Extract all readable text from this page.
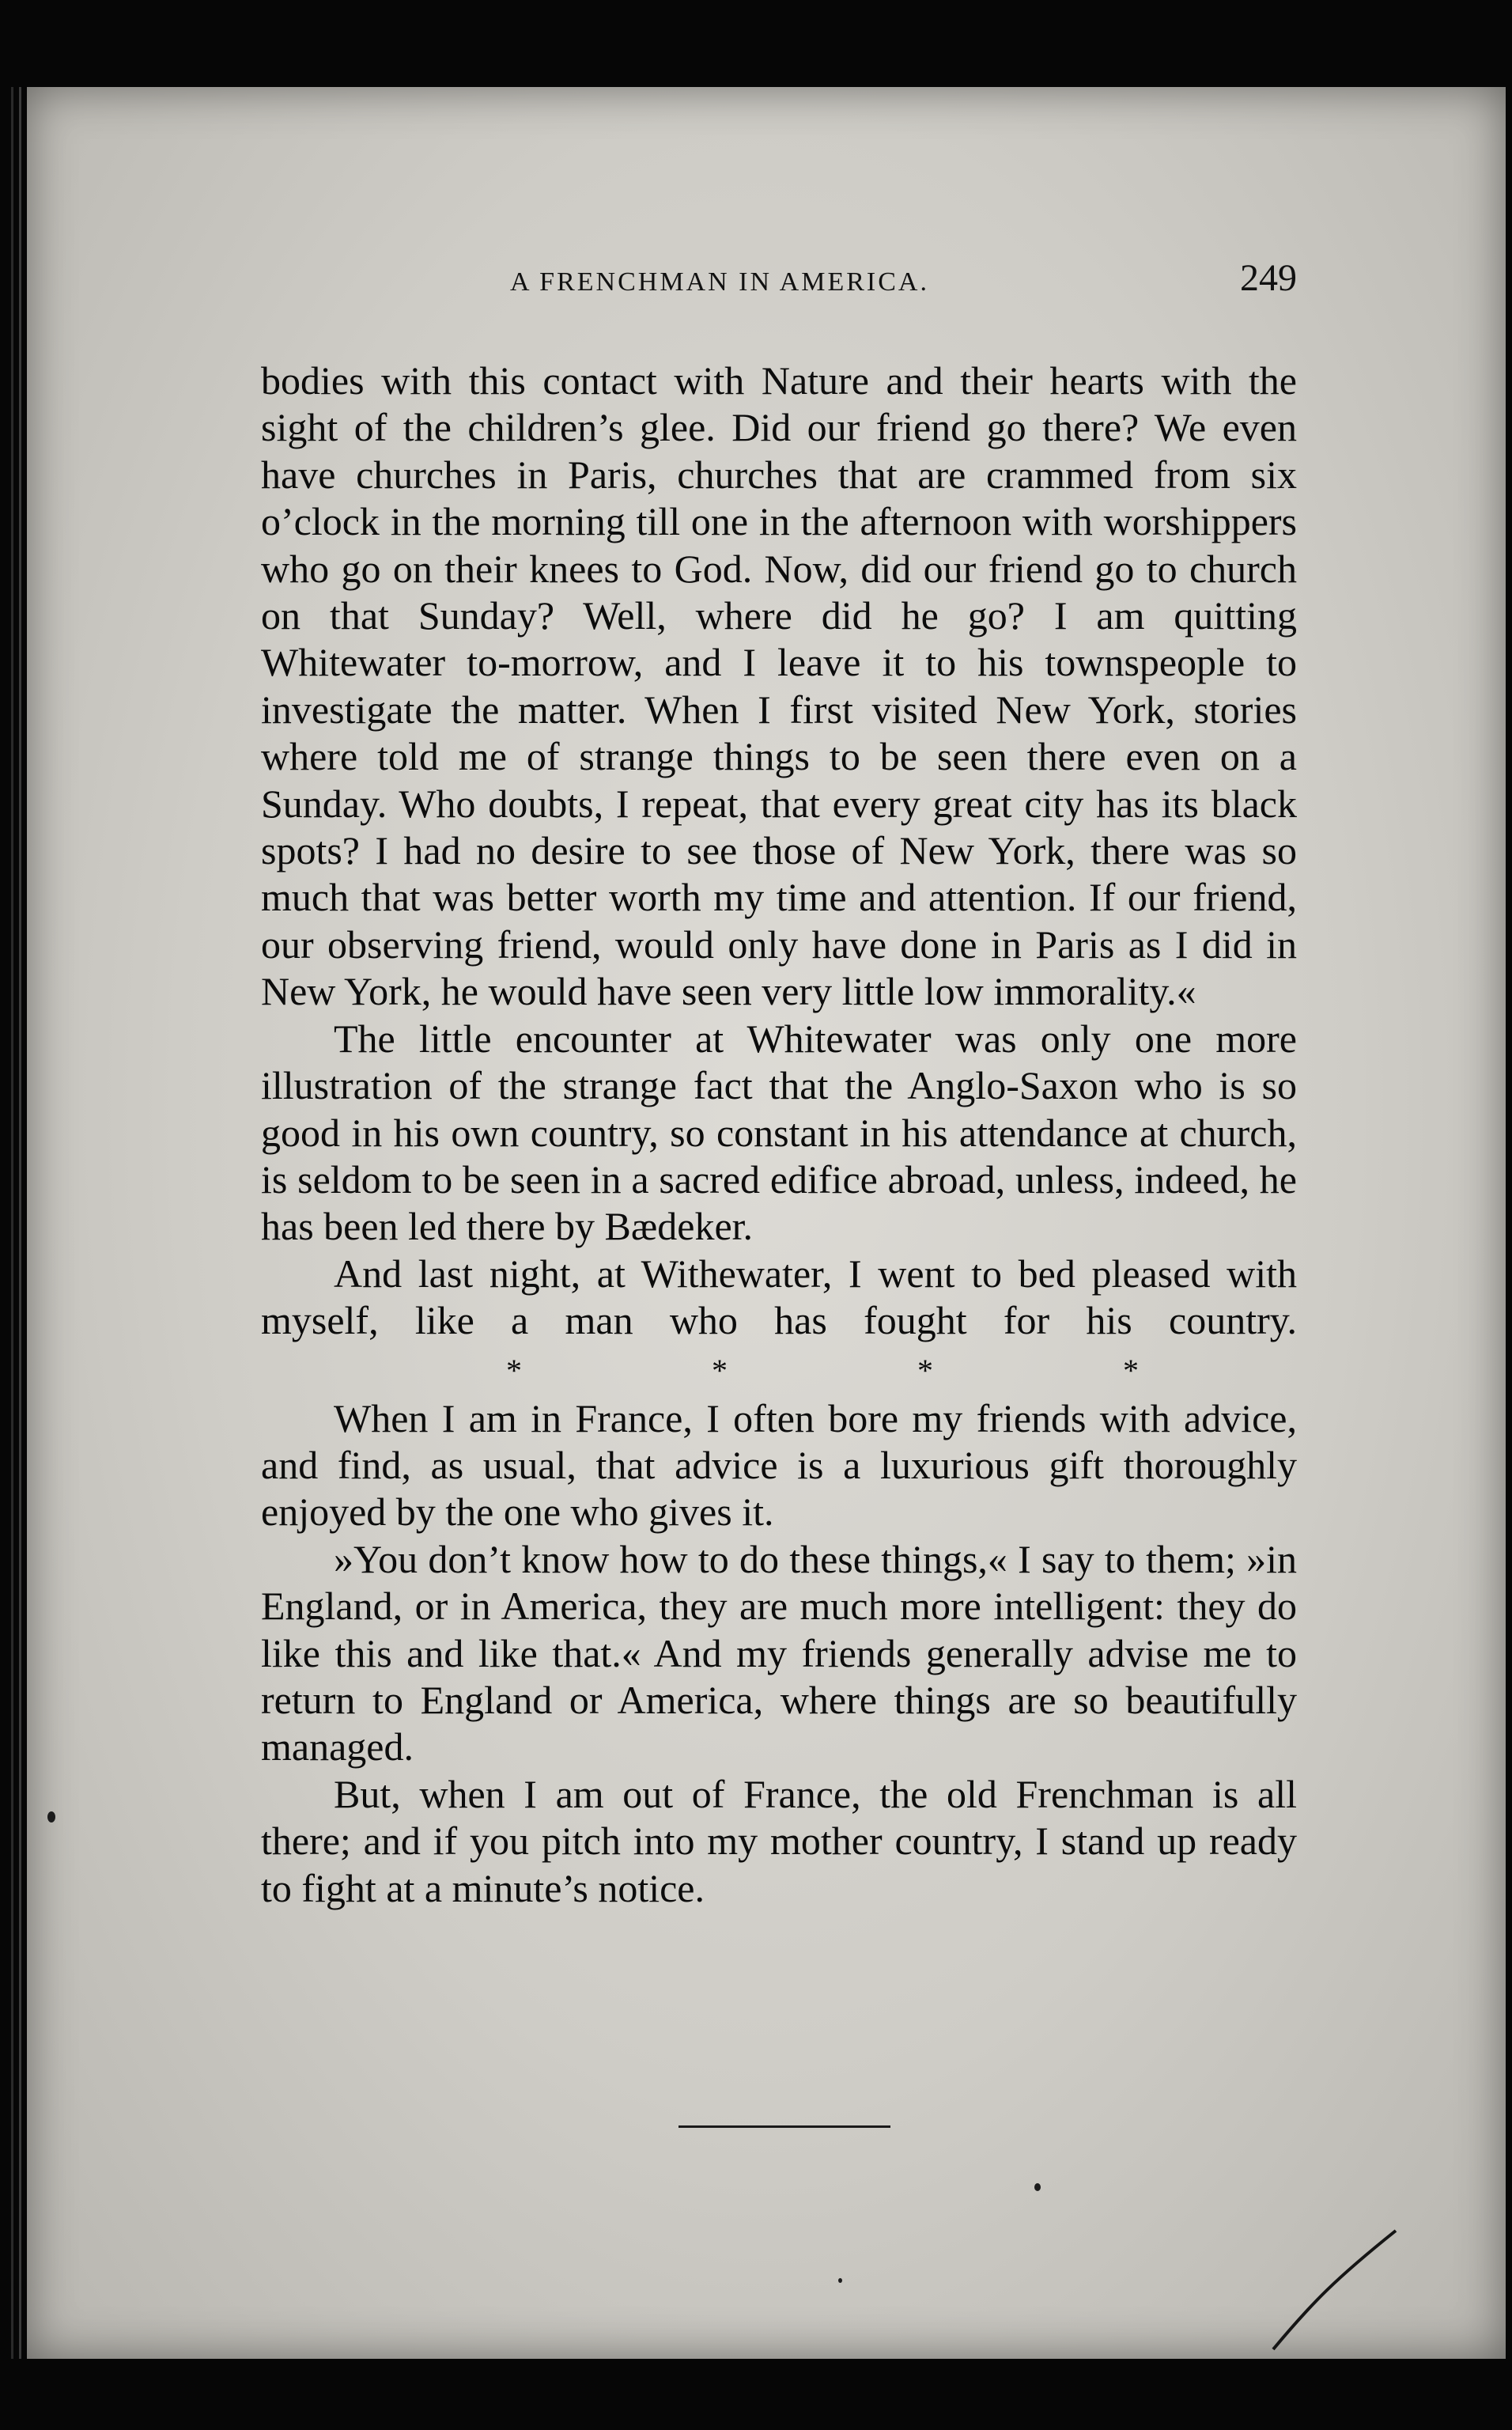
A FRENCHMAN IN AMERICA.	249

bodies with this contact with Nature and their hearts with the sight of the children’s glee. Did our friend go there? We even have churches in Paris, churches that are crammed from six o’clock in the morning till one in the afternoon with worshippers who go on their knees to God. Now, did our friend go to church on that Sunday? Well, where did he go? I am quitting Whitewater to-morrow, and I leave it to his townspeople to investigate the matter. When I first visited New York, stories where told me of strange things to be seen there even on a Sunday. Who doubts, I repeat, that every great city has its black spots? I had no desire to see those of New York, there was so much that was better worth my time and attention. If our friend, our observing friend, would only have done in Paris as I did in New York, he would have seen very little low immorality.«

The little encounter at Whitewater was only one more illustration of the strange fact that the Anglo-Saxon who is so good in his own country, so constant in his attendance at church, is seldom to be seen in a sacred edifice abroad, unless, indeed, he has been led there by Bædeker.

And last night, at Withewater, I went to bed pleased with myself, like a man who has fought for his country.

*	*	*	*

When I am in France, I often bore my friends with advice, and find, as usual, that advice is a luxurious gift thoroughly enjoyed by the one who gives it.

»You don’t know how to do these things,« I say to them; »in England, or in America, they are much more intelligent: they do like this and like that.« And my friends generally advise me to return to England or America, where things are so beautifully managed.

But, when I am out of France, the old Frenchman is all there; and if you pitch into my mother country, I stand up ready to fight at a minute’s notice.
